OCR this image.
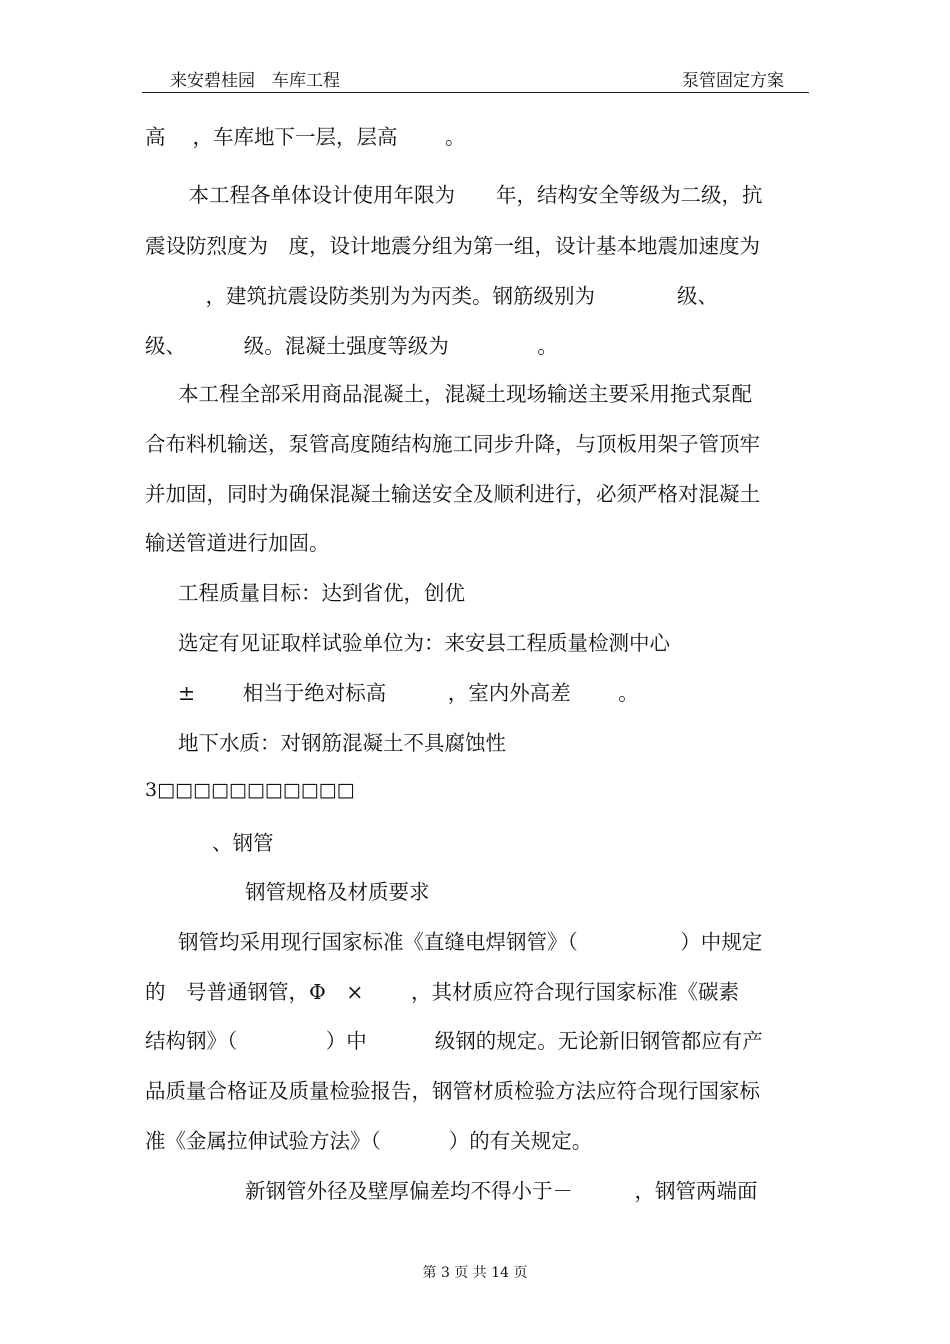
来安碧桂园　车库工程	泵管固定方案
高　 ，车库地下一层，层高　　 。
　本工程各单体设计使用年限为　　年，结构安全等级为二级，抗
震设防烈度为　度，设计地震分组为第一组，设计基本地震加速度为
　　 ，建筑抗震设防类别为为丙类。钢筋级别为　　　　级、
级、　　　 级。混凝土强度等级为　　　　 。
本工程全部采用商品混凝土，混凝土现场输送主要采用拖式泵配
合布料机输送，泵管高度随结构施工同步升降，与顶板用架子管顶牢
并加固，同时为确保混凝土输送安全及顺利进行，必须严格对混凝土
输送管道进行加固。
工程质量目标：达到省优，创优
选定有见证取样试验单位为：来安县工程质量检测中心
±　　 相当于绝对标高　　　，室内外高差　　 。
地下水质：对钢筋混凝土不具腐蚀性
3□□□□□□□□□□□
、钢管
钢管规格及材质要求
钢管均采用现行国家标准《直缝电焊钢管》（　　　　　）中规定
的　号普通钢管，Φ　×　　 ，其材质应符合现行国家标准《碳素
结构钢》（　　　　 ）中　　　 级钢的规定。无论新旧钢管都应有产
品质量合格证及质量检验报告，钢管材质检验方法应符合现行国家标
准《金属拉伸试验方法》（　　　 ）的有关规定。
新钢管外径及壁厚偏差均不得小于－　　　，钢管两端面
第 3 页 共 14 页
